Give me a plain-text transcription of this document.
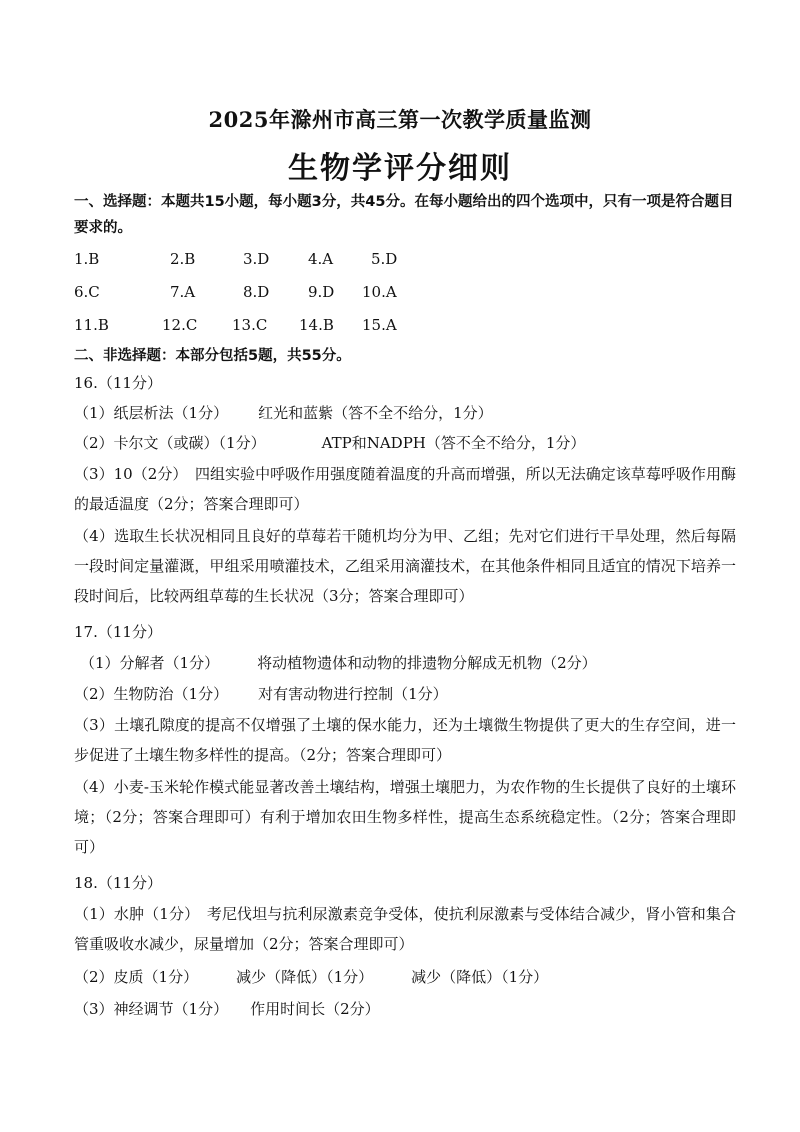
2025年滁州市高三第一次教学质量监测
生物学评分细则
一、选择题：本题共15小题，每小题3分，共45分。在每小题给出的四个选项中，只有一项是符合题目要求的。
1.B	2.B	3.D	4.A	5.D
6.C	7.A	8.D	9.D 10.A
11.B	12.C 13.C 14.B 15.A
二、非选择题：本部分包括5题，共55分。
16.（11分）
（1）纸层析法（1分） 红光和蓝紫（答不全不给分，1分）
（2）卡尔文（或碳）（1分）	ATP和NADPH（答不全不给分，1分）
（3）10（2分）　四组实验中呼吸作用强度随着温度的升高而增强，所以无法确定该草莓呼吸作用酶的最适温度（2分；答案合理即可）
（4）选取生长状况相同且良好的草莓若干随机均分为甲、乙组；先对它们进行干旱处理，然后每隔一段时间定量灌溉，甲组采用喷灌技术，乙组采用滴灌技术，在其他条件相同且适宜的情况下培养一段时间后，比较两组草莓的生长状况（3分；答案合理即可）
17.（11分）
（1）分解者（1分）	将动植物遗体和动物的排遗物分解成无机物（2分）
（2）生物防治（1分） 对有害动物进行控制（1分）
（3）土壤孔隙度的提高不仅增强了土壤的保水能力，还为土壤微生物提供了更大的生存空间，进一步促进了土壤生物多样性的提高。（2分；答案合理即可）
（4）小麦-玉米轮作模式能显著改善土壤结构，增强土壤肥力，为农作物的生长提供了良好的土壤环境；（2分；答案合理即可）有利于增加农田生物多样性，提高生态系统稳定性。（2分；答案合理即可）
18.（11分）
（1）水肿（1分）　考尼伐坦与抗利尿激素竞争受体，使抗利尿激素与受体结合减少，肾小管和集合管重吸收水减少，尿量增加（2分；答案合理即可）
（2）皮质（1分）	减少（降低）（1分）	减少（降低）（1分）
（3）神经调节（1分） 作用时间长（2分）
